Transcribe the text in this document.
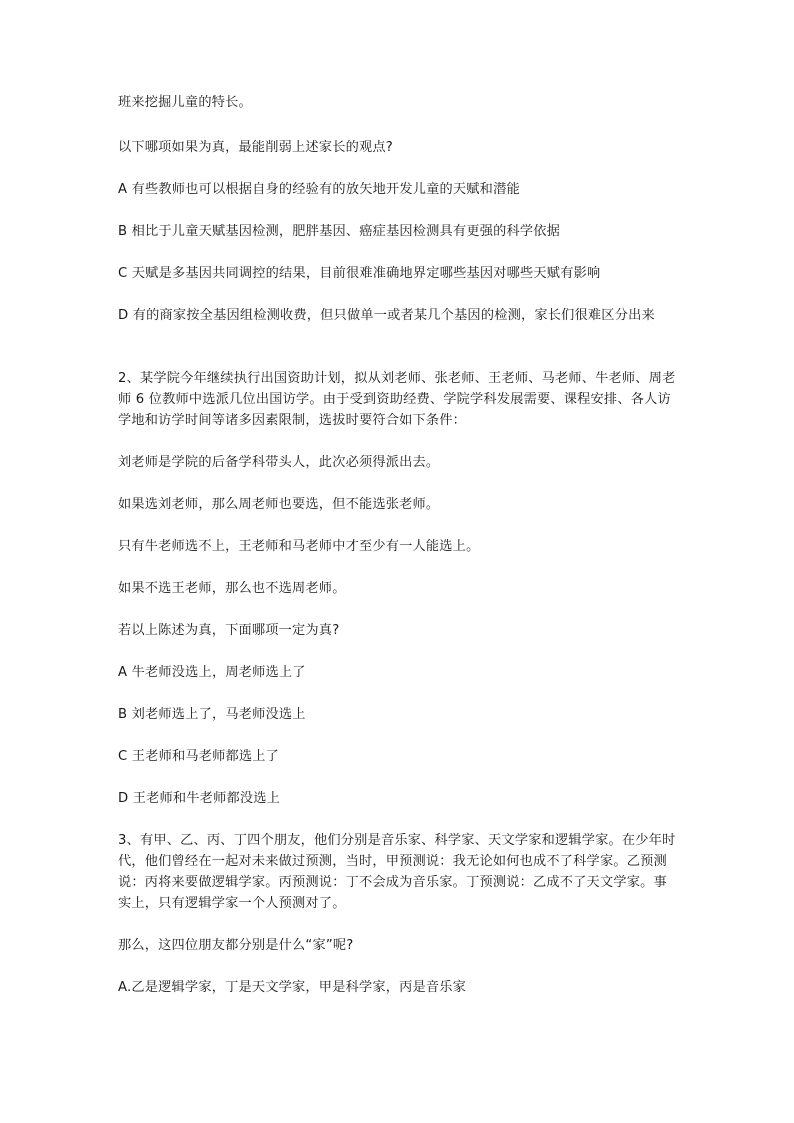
班来挖掘儿童的特长。

以下哪项如果为真，最能削弱上述家长的观点?

A 有些教师也可以根据自身的经验有的放矢地开发儿童的天赋和潜能

B 相比于儿童天赋基因检测，肥胖基因、癌症基因检测具有更强的科学依据

C 天赋是多基因共同调控的结果，目前很难准确地界定哪些基因对哪些天赋有影响

D 有的商家按全基因组检测收费，但只做单一或者某几个基因的检测，家长们很难区分出来

2、某学院今年继续执行出国资助计划，拟从刘老师、张老师、王老师、马老师、牛老师、周老师 6 位教师中选派几位出国访学。由于受到资助经费、学院学科发展需要、课程安排、各人访学地和访学时间等诸多因素限制，选拔时要符合如下条件：

刘老师是学院的后备学科带头人，此次必须得派出去。

如果选刘老师，那么周老师也要选，但不能选张老师。

只有牛老师选不上，王老师和马老师中才至少有一人能选上。

如果不选王老师，那么也不选周老师。

若以上陈述为真，下面哪项一定为真?

A 牛老师没选上，周老师选上了

B 刘老师选上了，马老师没选上

C 王老师和马老师都选上了

D 王老师和牛老师都没选上

3、有甲、乙、丙、丁四个朋友，他们分别是音乐家、科学家、天文学家和逻辑学家。在少年时代，他们曾经在一起对未来做过预测，当时，甲预测说：我无论如何也成不了科学家。乙预测说：丙将来要做逻辑学家。丙预测说：丁不会成为音乐家。丁预测说：乙成不了天文学家。事实上，只有逻辑学家一个人预测对了。

那么，这四位朋友都分别是什么“家”呢?

A.乙是逻辑学家，丁是天文学家，甲是科学家，丙是音乐家
